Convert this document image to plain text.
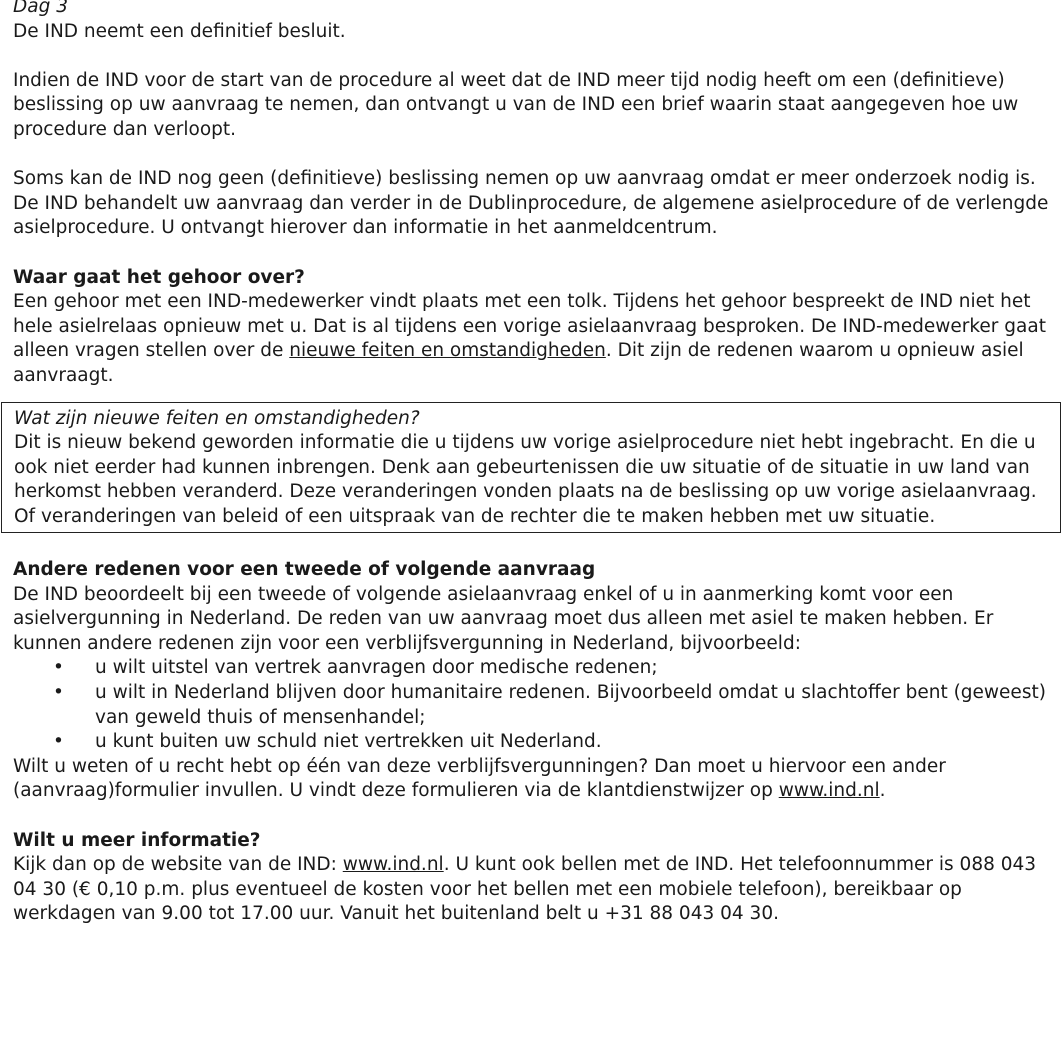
Dag 3

De IND neemt een definitief besluit.

Indien de IND voor de start van de procedure al weet dat de IND meer tijd nodig heeft om een (definitieve) beslissing op uw aanvraag te nemen, dan ontvangt u van de IND een brief waarin staat aangegeven hoe uw procedure dan verloopt.

Soms kan de IND nog geen (definitieve) beslissing nemen op uw aanvraag omdat er meer onderzoek nodig is. De IND behandelt uw aanvraag dan verder in de Dublinprocedure, de algemene asielprocedure of de verlengde asielprocedure. U ontvangt hierover dan informatie in het aanmeldcentrum.

Waar gaat het gehoor over?

Een gehoor met een IND-medewerker vindt plaats met een tolk. Tijdens het gehoor bespreekt de IND niet het hele asielrelaas opnieuw met u. Dat is al tijdens een vorige asielaanvraag besproken. De IND-medewerker gaat alleen vragen stellen over de nieuwe feiten en omstandigheden. Dit zijn de redenen waarom u opnieuw asiel aanvraagt.

Wat zijn nieuwe feiten en omstandigheden?

Dit is nieuw bekend geworden informatie die u tijdens uw vorige asielprocedure niet hebt ingebracht. En die u ook niet eerder had kunnen inbrengen. Denk aan gebeurtenissen die uw situatie of de situatie in uw land van herkomst hebben veranderd. Deze veranderingen vonden plaats na de beslissing op uw vorige asielaanvraag. Of veranderingen van beleid of een uitspraak van de rechter die te maken hebben met uw situatie.

Andere redenen voor een tweede of volgende aanvraag

De IND beoordeelt bij een tweede of volgende asielaanvraag enkel of u in aanmerking komt voor een asielvergunning in Nederland. De reden van uw aanvraag moet dus alleen met asiel te maken hebben. Er kunnen andere redenen zijn voor een verblijfsvergunning in Nederland, bijvoorbeeld:

• u wilt uitstel van vertrek aanvragen door medische redenen;
• u wilt in Nederland blijven door humanitaire redenen. Bijvoorbeeld omdat u slachtoffer bent (geweest) van geweld thuis of mensenhandel;
• u kunt buiten uw schuld niet vertrekken uit Nederland.

Wilt u weten of u recht hebt op één van deze verblijfsvergunningen? Dan moet u hiervoor een ander (aanvraag)formulier invullen. U vindt deze formulieren via de klantdienstwijzer op www.ind.nl.

Wilt u meer informatie?

Kijk dan op de website van de IND: www.ind.nl. U kunt ook bellen met de IND. Het telefoonnummer is 088 043 04 30 (€ 0,10 p.m. plus eventueel de kosten voor het bellen met een mobiele telefoon), bereikbaar op werkdagen van 9.00 tot 17.00 uur. Vanuit het buitenland belt u +31 88 043 04 30.
